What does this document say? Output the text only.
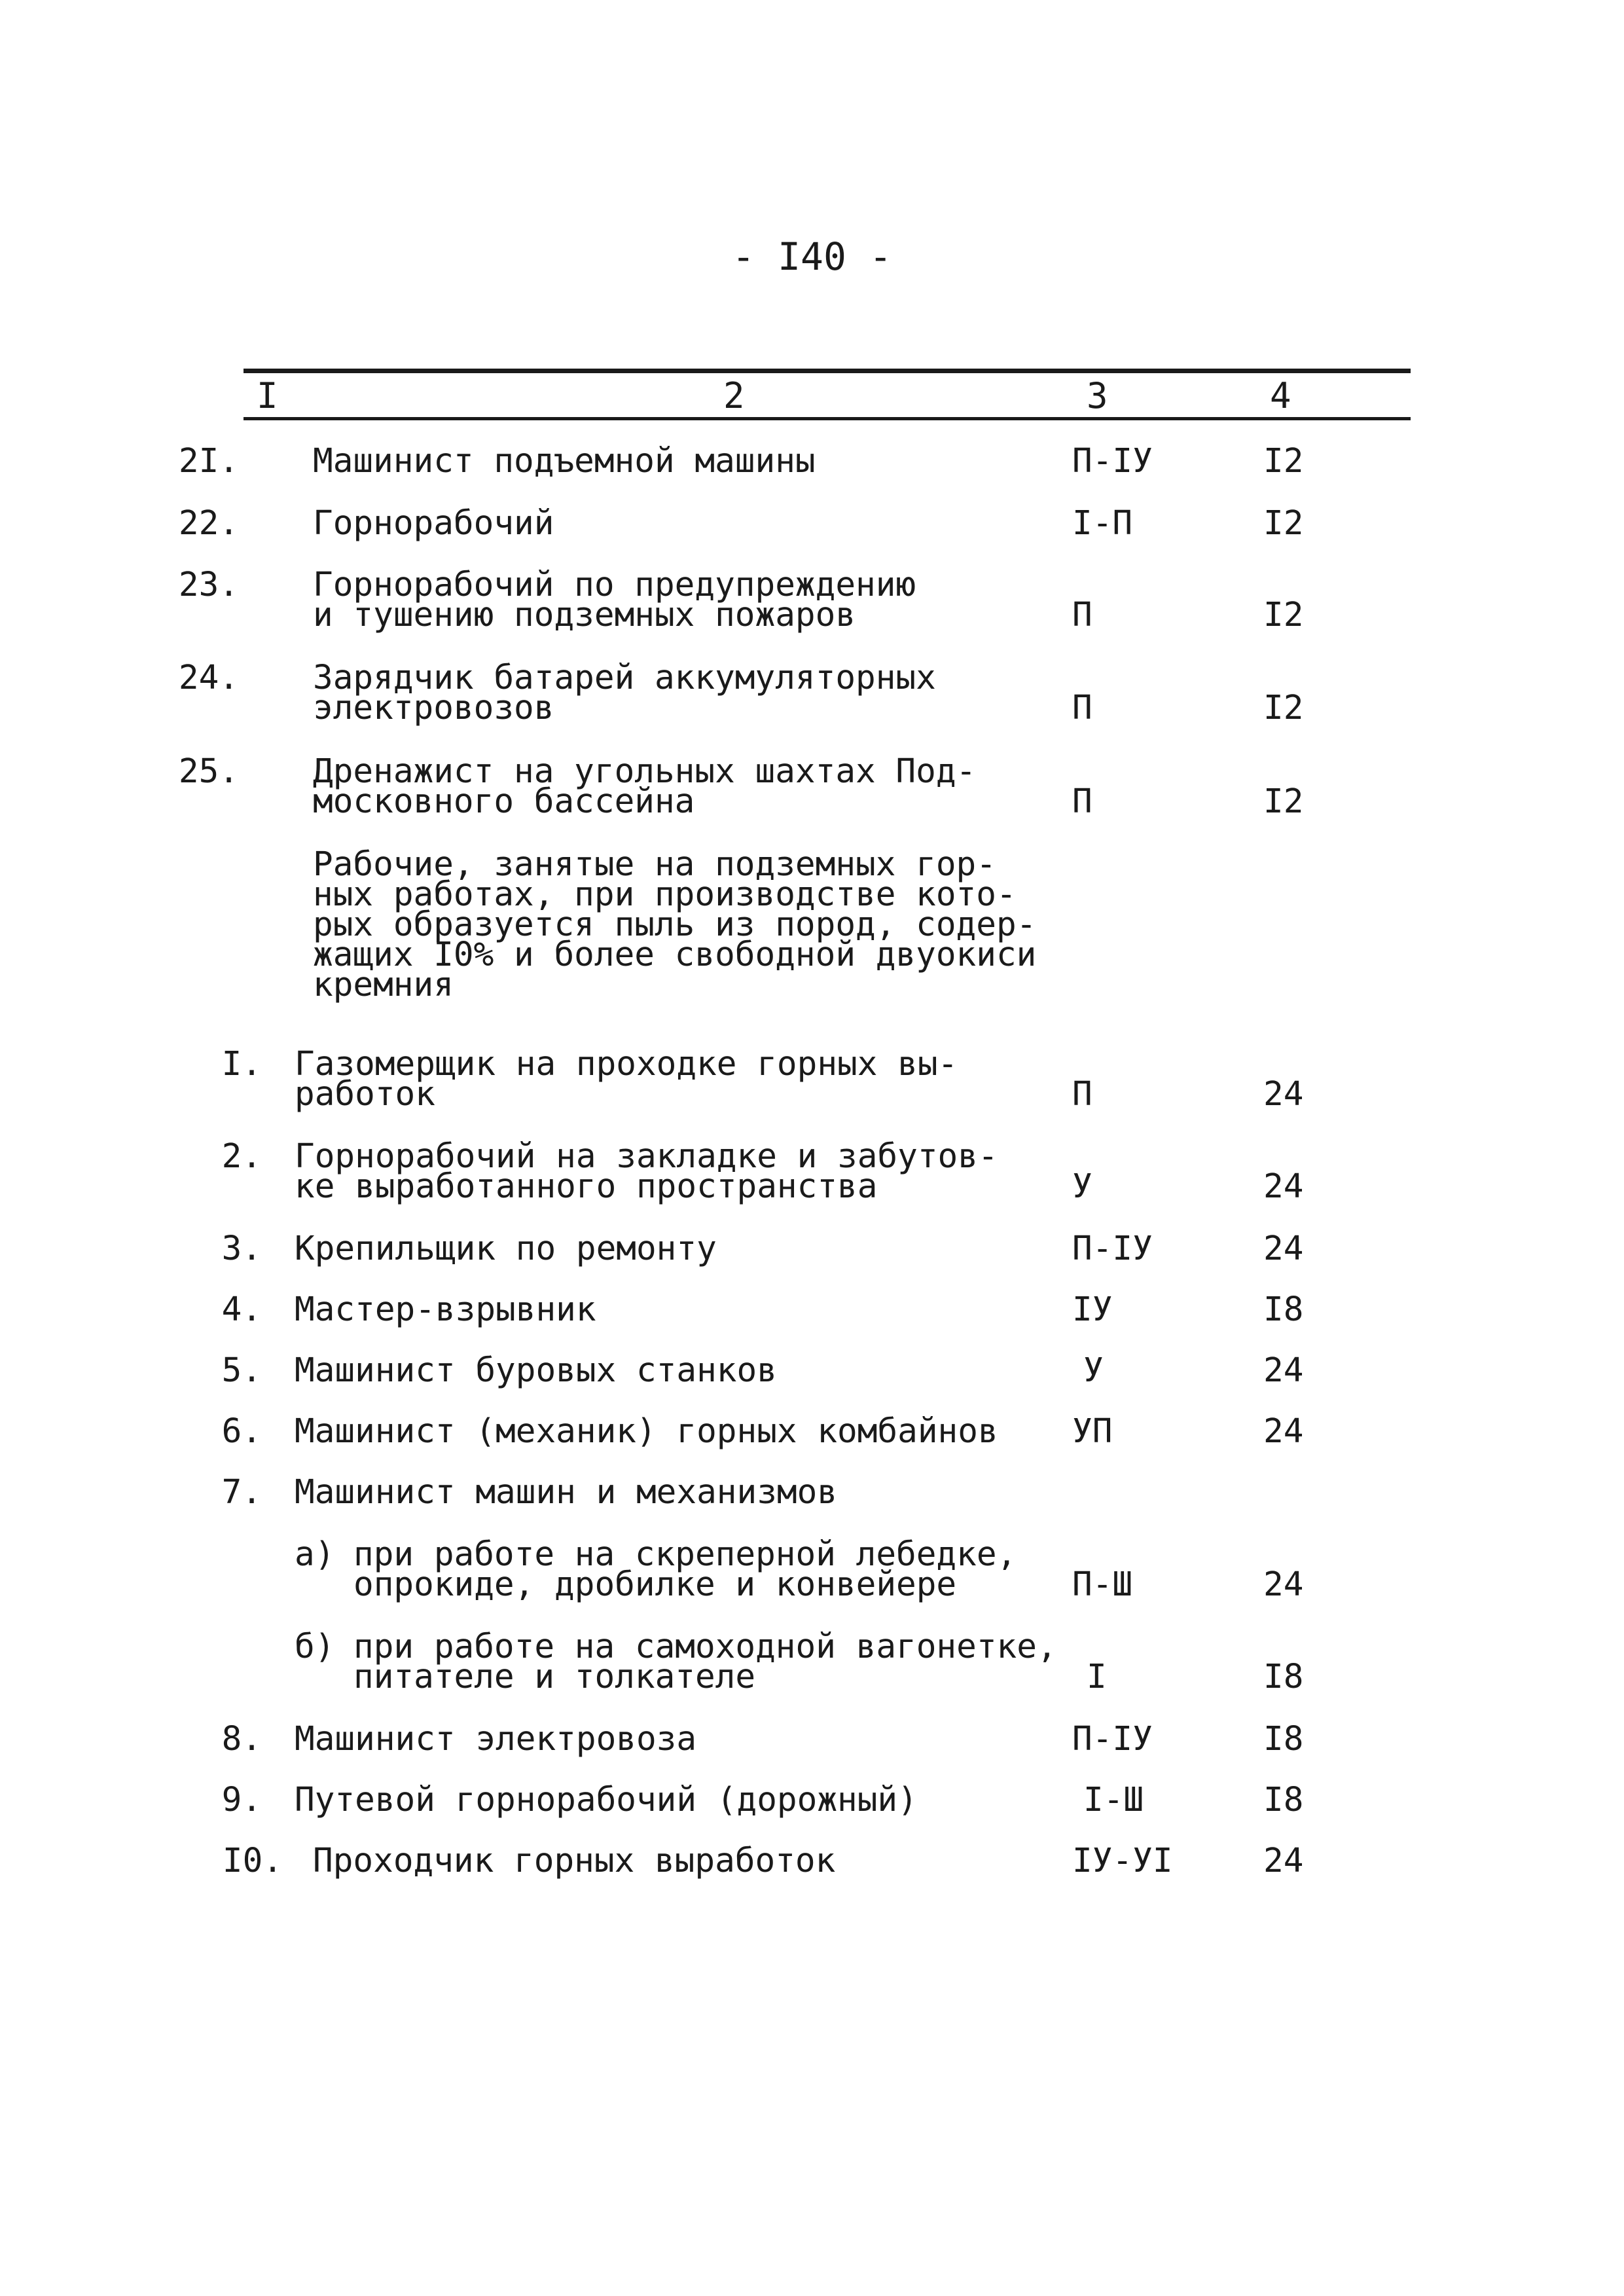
- I40 -
I	2	3	4
2I. Машинист подъемной машины	П-IУ	I2
22. Горнорабочий	I-П	I2
23. Горнорабочий по предупреждению
и тушению подземных пожаров	П	I2
24. Зарядчик батарей аккумуляторных
электровозов	П	I2
25. Дренажист на угольных шахтах Под-
московного бассейна	П	I2
Рабочие, занятые на подземных гор-
ных работах, при производстве кото-
рых образуется пыль из пород, содер-
жащих I0% и более свободной двуокиси
кремния
I. Газомерщик на проходке горных вы-
работок	П	24
2. Горнорабочий на закладке и забутов-
ке выработанного пространства	У	24
3. Крепильщик по ремонту	П-IУ	24
4. Мастер-взрывник	IУ	I8
5. Машинист буровых станков	У	24
6. Машинист (механик) горных комбайнов УП	24
7. Машинист машин и механизмов
а) при работе на скреперной лебедке,
опрокиде, дробилке и конвейере	П-Ш	24
б) при работе на самоходной вагонетке,
питателе и толкателе	I	I8
8. Машинист электровоза	П-IУ	I8
9. Путевой горнорабочий (дорожный)	I-Ш	I8
I0. Проходчик горных выработок	IУ-УI	24
